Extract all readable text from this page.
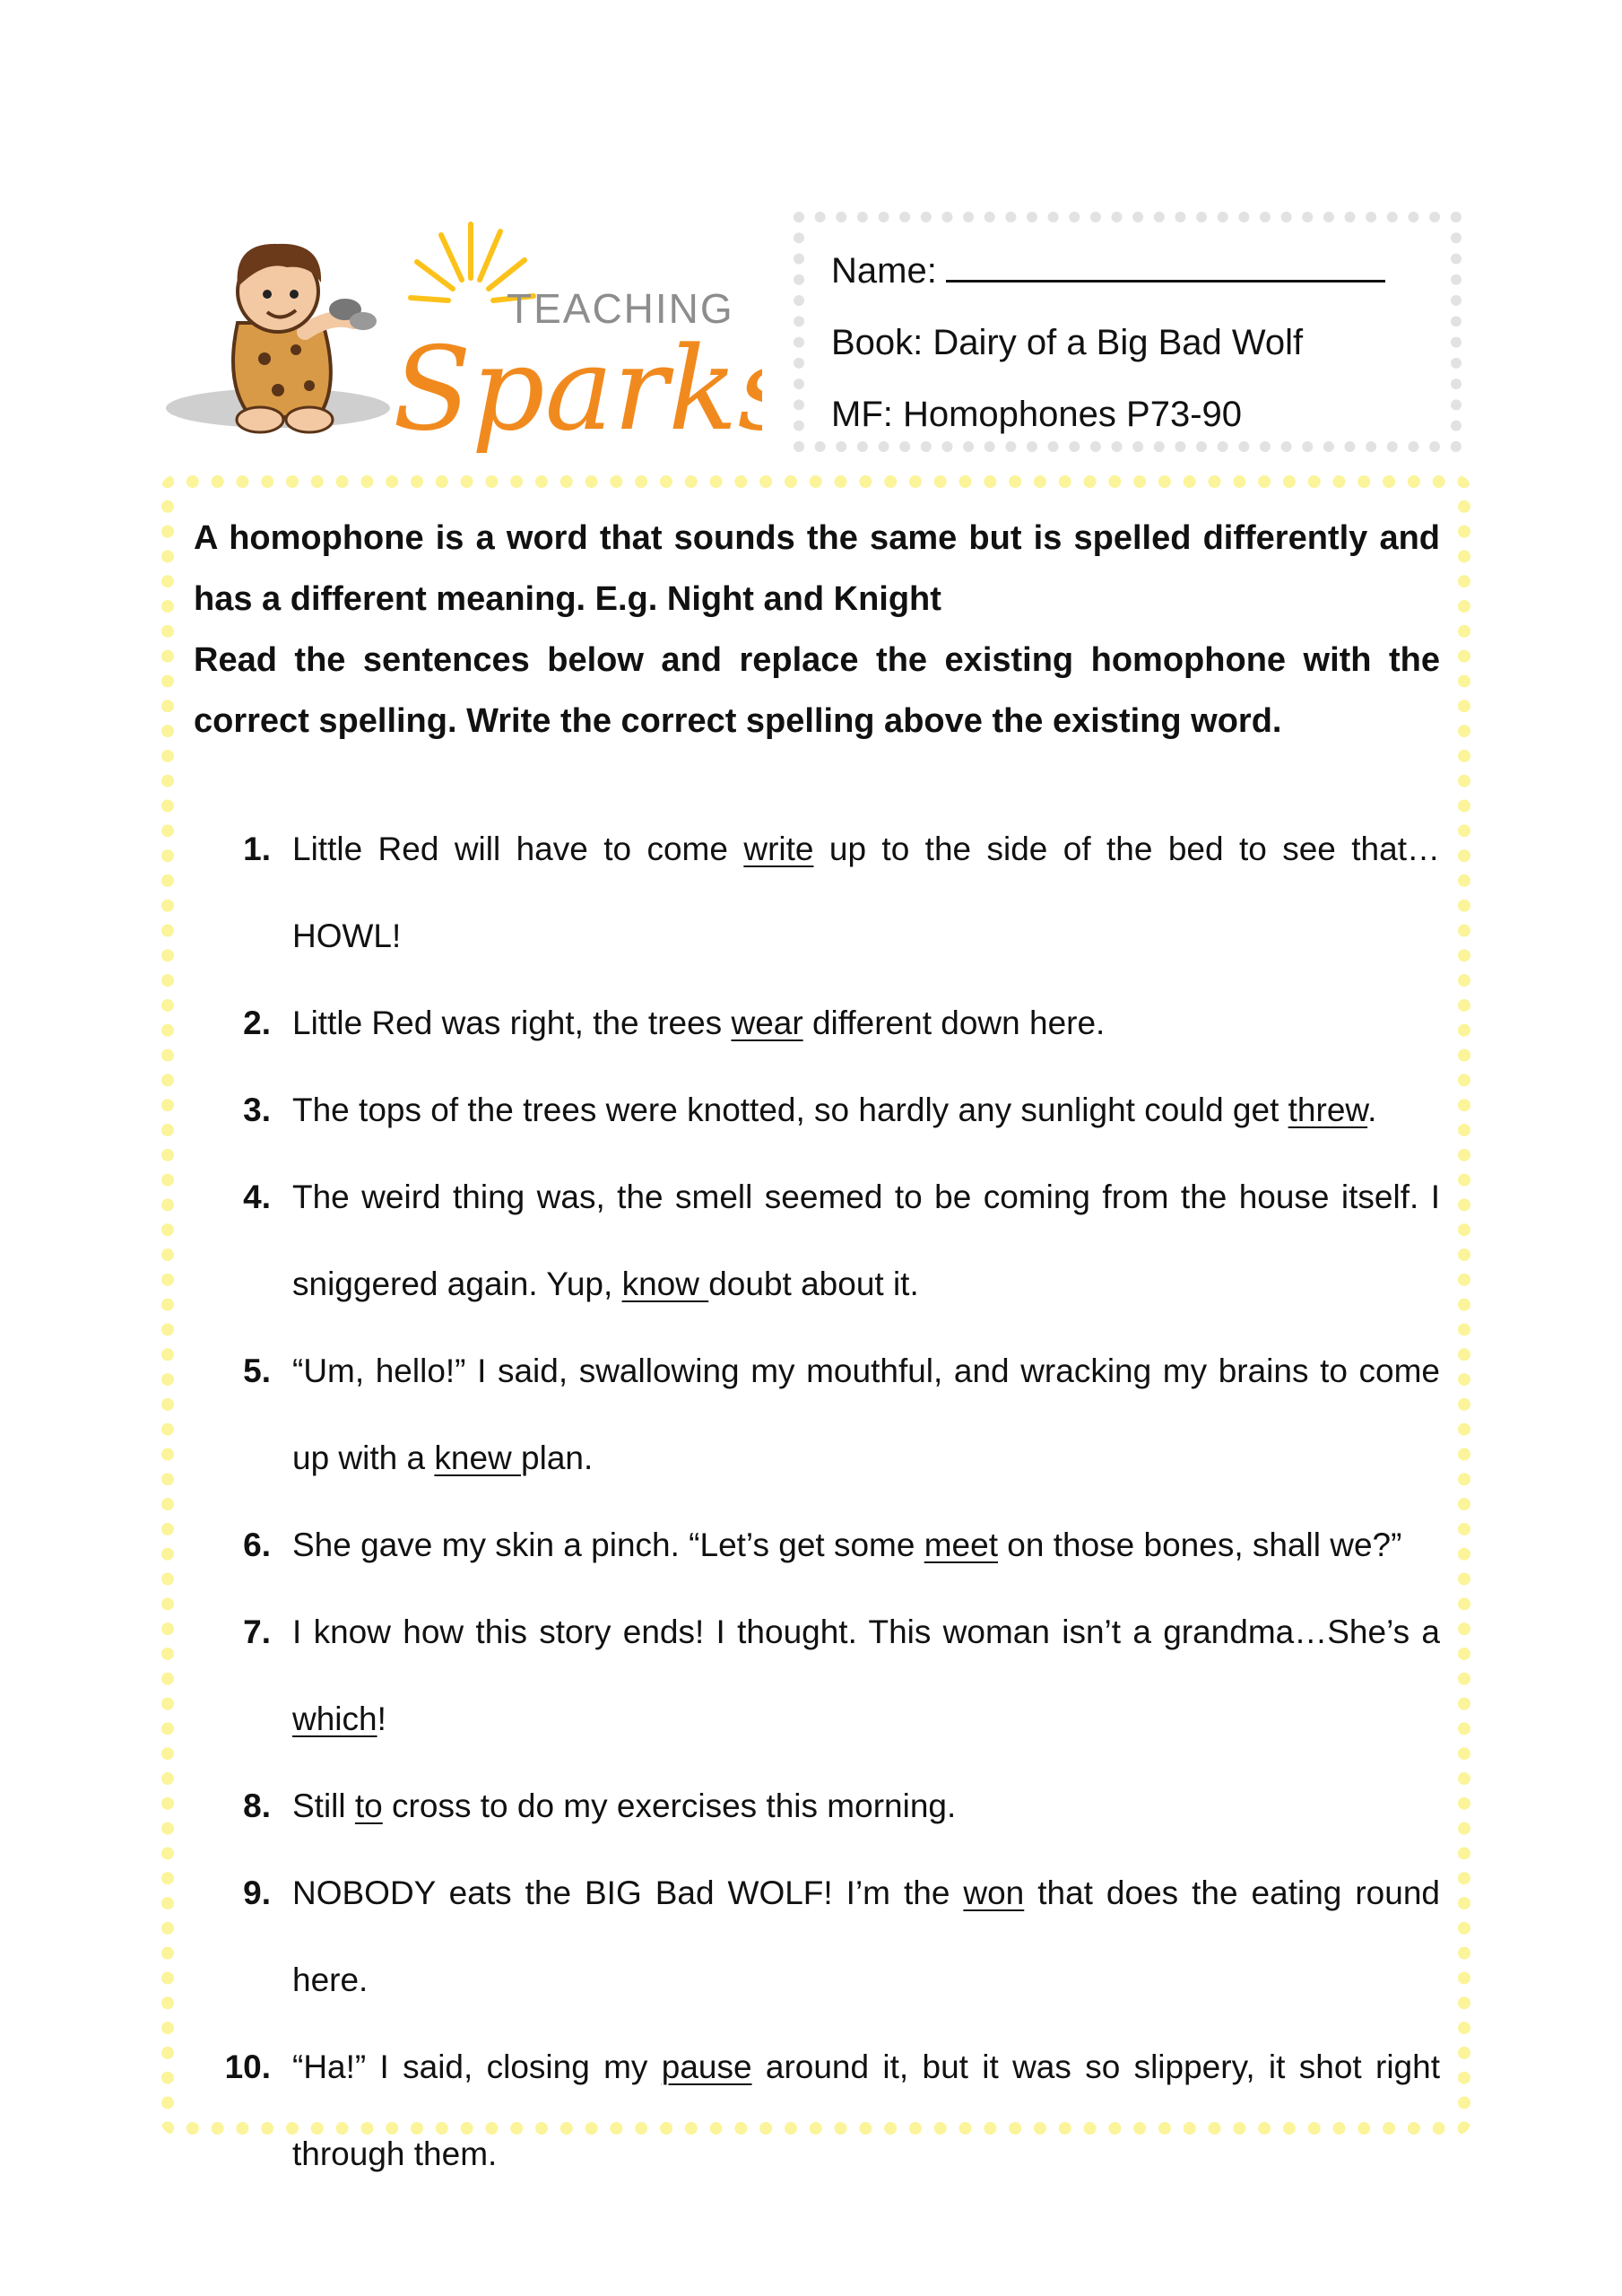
TEACHING
Sparks
Name:
Book: Dairy of a Big Bad Wolf
MF: Homophones P73-90

A homophone is a word that sounds the same but is spelled differently and has a different meaning. E.g. Night and Knight

Read the sentences below and replace the existing homophone with the correct spelling. Write the correct spelling above the existing word.

1. Little Red will have to come write up to the side of the bed to see that… HOWL!
2. Little Red was right, the trees wear different down here.
3. The tops of the trees were knotted, so hardly any sunlight could get threw.
4. The weird thing was, the smell seemed to be coming from the house itself. I sniggered again. Yup, know doubt about it.
5. “Um, hello!” I said, swallowing my mouthful, and wracking my brains to come up with a knew plan.
6. She gave my skin a pinch. “Let’s get some meet on those bones, shall we?”
7. I know how this story ends! I thought. This woman isn’t a grandma…She’s a which!
8. Still to cross to do my exercises this morning.
9. NOBODY eats the BIG Bad WOLF! I’m the won that does the eating round here.
10. “Ha!” I said, closing my pause around it, but it was so slippery, it shot right through them.
